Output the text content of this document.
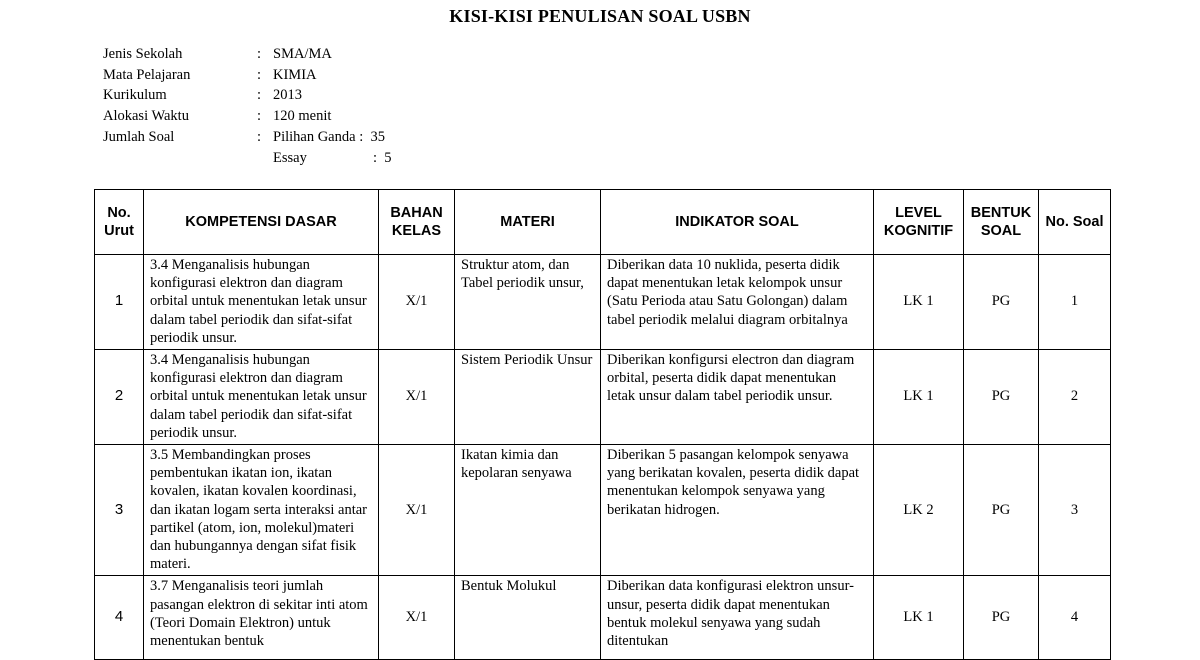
KISI-KISI PENULISAN SOAL USBN
Jenis Sekolah	: SMA/MA
Mata Pelajaran	: KIMIA
Kurikulum	: 2013
Alokasi Waktu	: 120 menit
Jumlah Soal	: Pilihan Ganda :  35
Essay	:  5
No. Urut	KOMPETENSI DASAR	BAHAN KELAS	MATERI	INDIKATOR SOAL	LEVEL KOGNITIF	BENTUK SOAL	No. Soal
1	3.4 Menganalisis hubungan konfigurasi elektron dan diagram orbital untuk menentukan letak unsur dalam tabel periodik dan sifat-sifat periodik unsur.	X/1	Struktur atom, dan Tabel periodik unsur,	Diberikan data 10 nuklida, peserta didik dapat menentukan letak kelompok unsur (Satu Perioda atau Satu Golongan) dalam tabel periodik melalui diagram orbitalnya	LK 1	PG	1
2	3.4 Menganalisis hubungan konfigurasi elektron dan diagram orbital untuk menentukan letak unsur dalam tabel periodik dan sifat-sifat periodik unsur.	X/1	Sistem Periodik Unsur	Diberikan konfigursi electron dan diagram orbital, peserta didik dapat menentukan letak unsur dalam tabel periodik unsur.	LK 1	PG	2
3	3.5 Membandingkan proses pembentukan ikatan ion, ikatan kovalen, ikatan kovalen koordinasi, dan ikatan logam serta interaksi antar partikel (atom, ion, molekul)materi dan hubungannya dengan sifat fisik materi.	X/1	Ikatan kimia dan kepolaran senyawa	Diberikan 5 pasangan kelompok senyawa yang berikatan kovalen, peserta didik dapat menentukan kelompok senyawa yang berikatan hidrogen.	LK 2	PG	3
4	3.7 Menganalisis teori jumlah pasangan elektron di sekitar inti atom (Teori Domain Elektron) untuk menentukan bentuk	X/1	Bentuk Molukul	Diberikan data konfigurasi elektron unsur-unsur, peserta didik dapat menentukan bentuk molekul senyawa yang sudah ditentukan	LK 1	PG	4
